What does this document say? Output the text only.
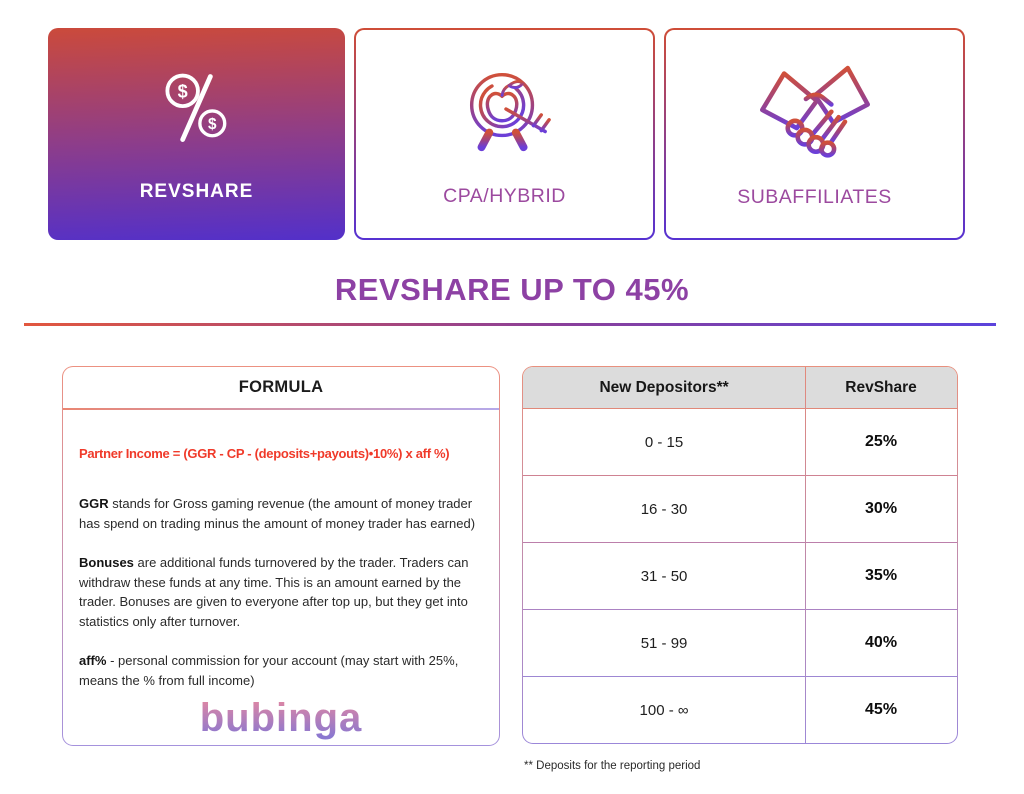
$
$
REVSHARE	CPA/HYBRID	SUBAFFILIATES
REVSHARE UP TO 45%
FORMULA

Partner Income = (GGR - CP - (deposits+payouts)•10%) x aff %)

GGR stands for Gross gaming revenue (the amount of money trader has spend on trading minus the amount of money trader has earned)

Bonuses are additional funds turnovered by the trader. Traders can withdraw these funds at any time. This is an amount earned by the trader. Bonuses are given to everyone after top up, but they get into statistics only after turnover.

aff% - personal commission for your account (may start with 25%, means the % from full income)

bubinga
New Depositors**	RevShare
0 - 15	25%
16 - 30	30%
31 - 50	35%
51 - 99	40%
100 - ∞	45%
** Deposits for the reporting period
